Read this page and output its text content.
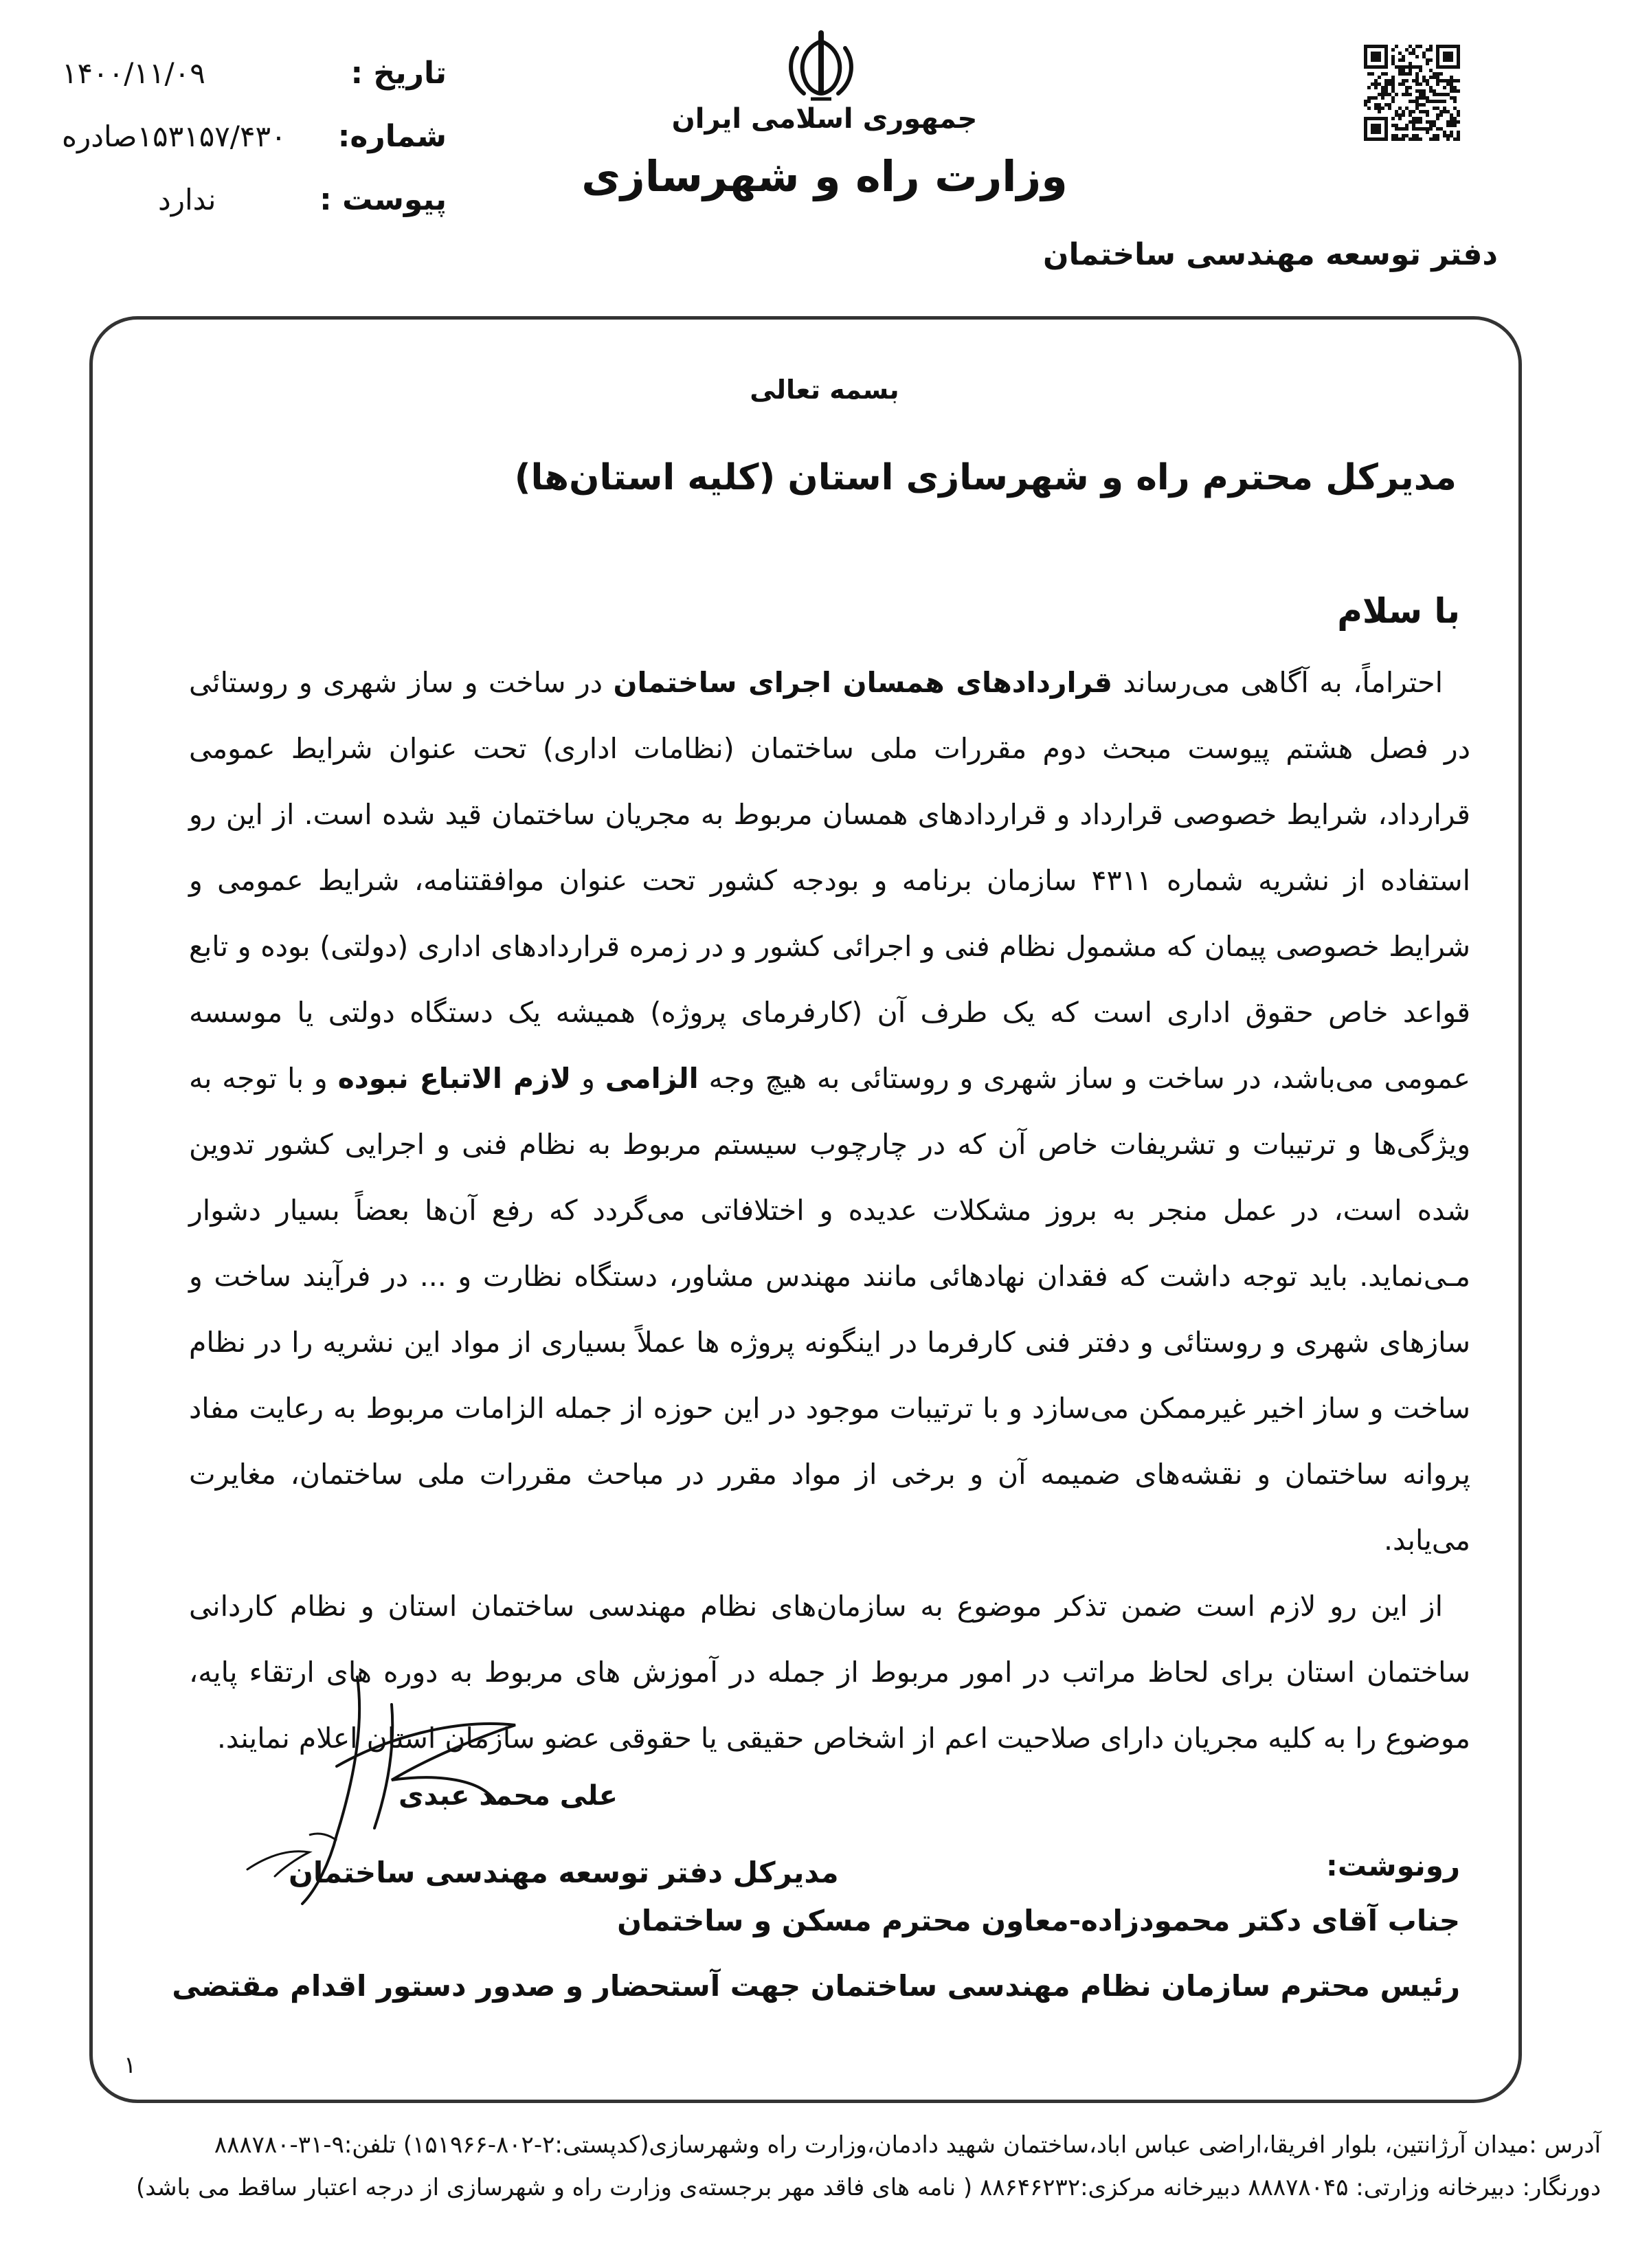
۱۴۰۰/۱۱/۰۹	تاریخ :
۱۵۳۱۵۷/۴۳۰صادره شماره:
ندارد	پیوست :
جمهوری اسلامی ایران
وزارت راه و شهرسازی
دفتر توسعه مهندسی ساختمان
بسمه تعالی
مدیرکل محترم راه و شهرسازی استان (کلیه استان‌ها)
با سلام

احتراماً، به آگاهی می‌رساند قراردادهای همسان اجرای ساختمان در ساخت و ساز شهری و روستائی در فصل هشتم پیوست مبحث دوم مقررات ملی ساختمان (نظامات اداری) تحت عنوان شرایط عمومی قرارداد، شرایط خصوصی قرارداد و قراردادهای همسان مربوط به مجریان ساختمان قید شده است. از این رو استفاده از نشریه شماره ۴۳۱۱ سازمان برنامه و بودجه کشور تحت عنوان موافقتنامه، شرایط عمومی و شرایط خصوصی پیمان که مشمول نظام فنی و اجرائی کشور و در زمره قراردادهای اداری (دولتی) بوده و تابع قواعد خاص حقوق اداری است که یک طرف آن (کارفرمای پروژه) همیشه یک دستگاه دولتی یا موسسه عمومی می‌باشد، در ساخت و ساز شهری و روستائی به هیچ وجه الزامی و لازم الاتباع نبوده و با توجه به ویژگی‌ها و ترتیبات و تشریفات خاص آن که در چارچوب سیستم مربوط به نظام فنی و اجرایی کشور تدوین شده است، در عمل منجر به بروز مشکلات عدیده و اختلافاتی می‌گردد که رفع آن‌ها بعضاً بسیار دشوار مـی‌نماید. باید توجه داشت که فقدان نهادهائی مانند مهندس مشاور، دستگاه نظارت و ... در فرآیند ساخت و سازهای شهری و روستائی و دفتر فنی کارفرما در اینگونه پروژه ها عملاً بسیاری از مواد این نشریه را در نظام ساخت و ساز اخیر غیرممکن می‌سازد و با ترتیبات موجود در این حوزه از جمله الزامات مربوط به رعایت مفاد پروانه ساختمان و نقشه‌های ضمیمه آن و برخی از مواد مقرر در مباحث مقررات ملی ساختمان، مغایرت می‌یابد.

از این رو لازم است ضمن تذکر موضوع به سازمان‌های نظام مهندسی ساختمان استان و نظام کاردانی ساختمان استان برای لحاظ مراتب در امور مربوط از جمله در آموزش های مربوط به دوره های ارتقاء پایه، موضوع را به کلیه مجریان دارای صلاحیت اعم از اشخاص حقیقی یا حقوقی عضو سازمان استان اعلام نمایند.

علی محمد عبدی
مدیرکل دفتر توسعه مهندسی ساختمان	رونوشت:
جناب آقای دکتر محمودزاده-معاون محترم مسکن و ساختمان
رئیس محترم سازمان نظام مهندسی ساختمان جهت آستحضار و صدور دستور اقدام مقتضی
۱
آدرس :میدان آرژانتین، بلوار افریقا،اراضی عباس اباد،ساختمان شهید دادمان،وزارت راه وشهرسازی(کدپستی:۲-۸۰۲-۱۵۱۹۶۶) تلفن:۹-۳۱-۸۸۸۷۸۰
دورنگار: دبیرخانه وزارتی: ۸۸۸۷۸۰۴۵ دبیرخانه مرکزی:۸۸۶۴۶۲۳۲ ( نامه های فاقد مهر برجسته‌ی وزارت راه و شهرسازی از درجه اعتبار ساقط می باشد)
